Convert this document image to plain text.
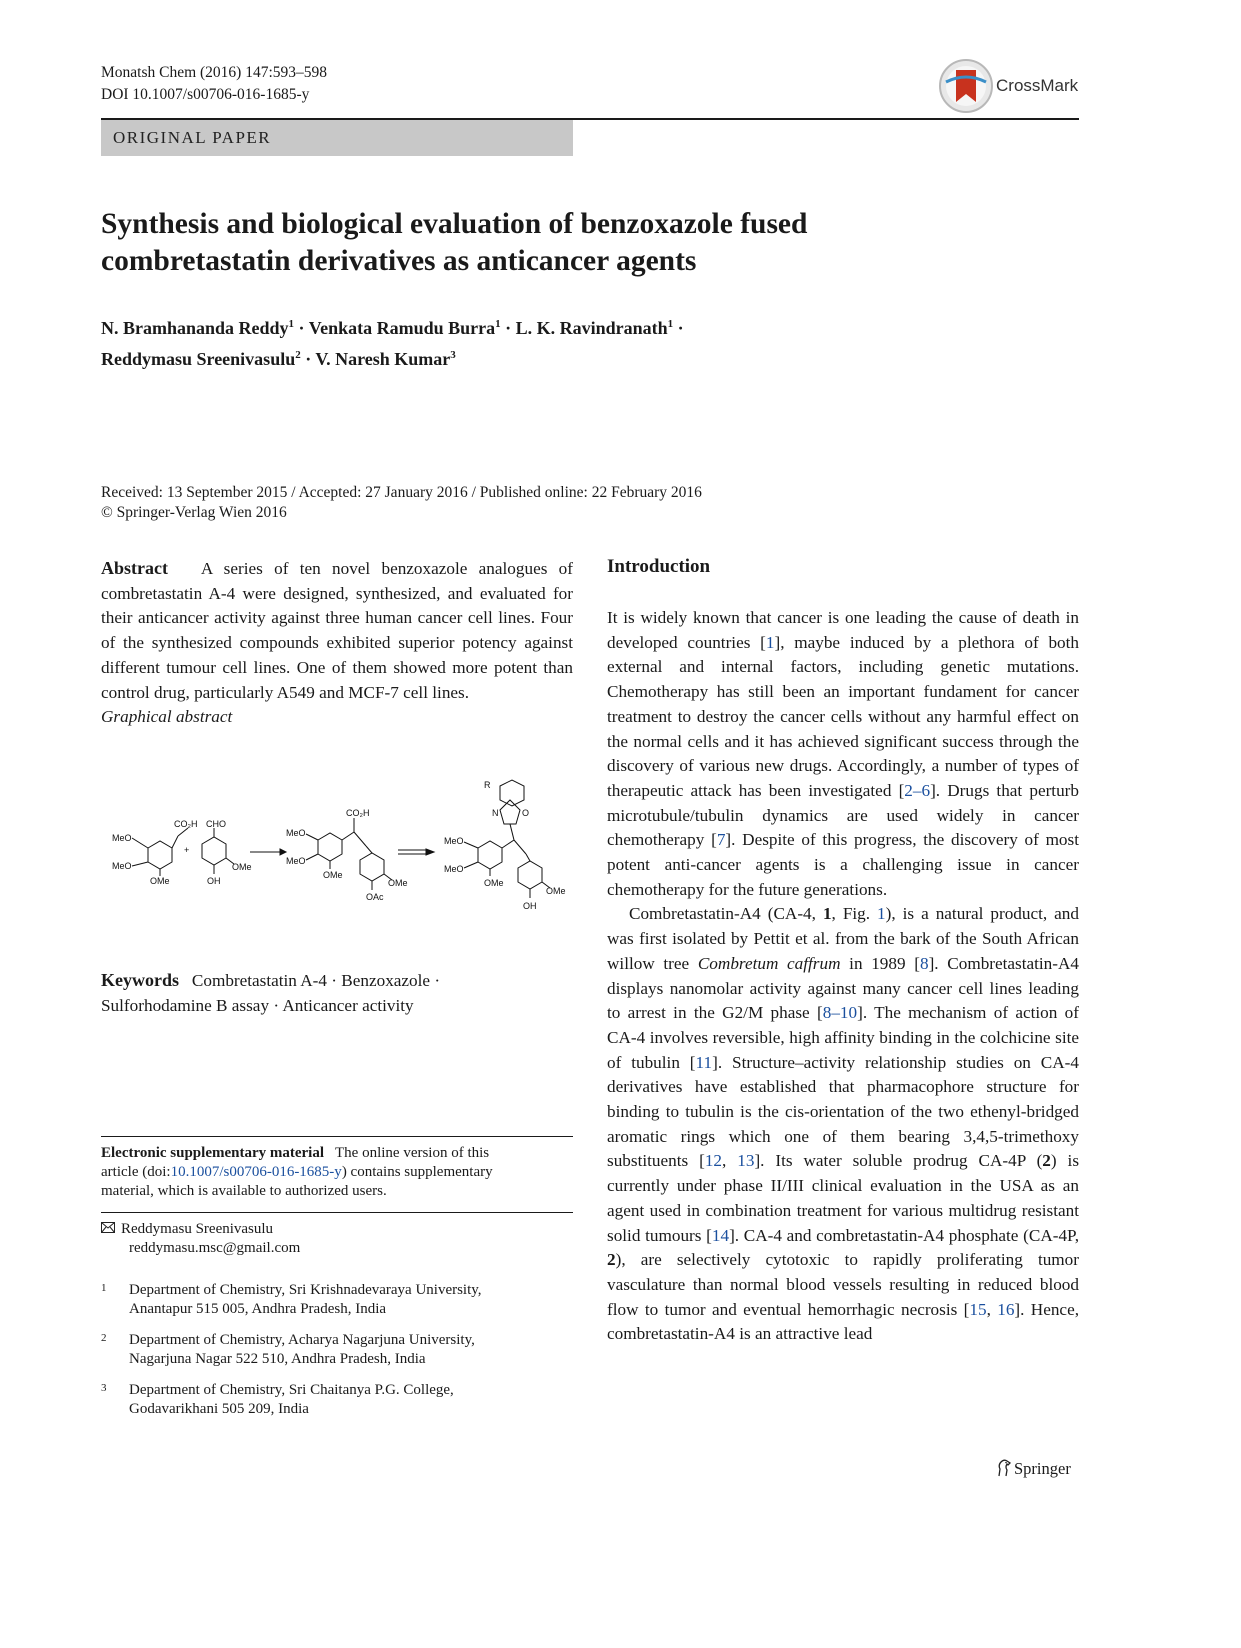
Monatsh Chem (2016) 147:593–598
DOI 10.1007/s00706-016-1685-y	CrossMark
ORIGINAL PAPER
Synthesis and biological evaluation of benzoxazole fused
combretastatin derivatives as anticancer agents
N. Bramhananda Reddy$^1$ · Venkata Ramudu Burra$^1$ · L. K. Ravindranath$^1$ ·
Reddymasu Sreenivasulu$^2$ · V. Naresh Kumar$^3$
Received: 13 September 2015 / Accepted: 27 January 2016 / Published online: 22 February 2016
© Springer-Verlag Wien 2016
Abstract A series of ten novel benzoxazole analogues of combretastatin A-4 were designed, synthesized, and evaluated for their anticancer activity against three human cancer cell lines. Four of the synthesized compounds exhibited superior potency against different tumour cell lines. One of them showed more potent than control drug, particularly A549 and MCF-7 cell lines.
Graphical abstract
CO₂H
MeO
MeO
OMe
+
CHO
OMe
OH
MeO
MeO
OMe
CO₂H
OMe
OAc
MeO
MeO
OMe
N	O
R
OMe
OH
Keywords Combretastatin A-4 · Benzoxazole ·
Sulforhodamine B assay · Anticancer activity
Electronic supplementary material The online version of this
article (doi:10.1007/s00706-016-1685-y) contains supplementary
material, which is available to authorized users.
Reddymasu Sreenivasulu
reddymasu.msc@gmail.com
1	Department of Chemistry, Sri Krishnadevaraya University,
Anantapur 515 005, Andhra Pradesh, India
2	Department of Chemistry, Acharya Nagarjuna University,
Nagarjuna Nagar 522 510, Andhra Pradesh, India
3	Department of Chemistry, Sri Chaitanya P.G. College,
Godavarikhani 505 209, India
Introduction
It is widely known that cancer is one leading the cause of death in developed countries [1], maybe induced by a plethora of both external and internal factors, including genetic mutations. Chemotherapy has still been an important fundament for cancer treatment to destroy the cancer cells without any harmful effect on the normal cells and it has achieved significant success through the discovery of various new drugs. Accordingly, a number of types of therapeutic attack has been investigated [2–6]. Drugs that perturb microtubule/tubulin dynamics are used widely in cancer chemotherapy [7]. Despite of this progress, the discovery of most potent anti-cancer agents is a challenging issue in cancer chemotherapy for the future generations.
Combretastatin-A4 (CA-4, 1, Fig. 1), is a natural product, and was first isolated by Pettit et al. from the bark of the South African willow tree Combretum caffrum in 1989 [8]. Combretastatin-A4 displays nanomolar activity against many cancer cell lines leading to arrest in the G2/M phase [8–10]. The mechanism of action of CA-4 involves reversible, high affinity binding in the colchicine site of tubulin [11]. Structure–activity relationship studies on CA-4 derivatives have established that pharmacophore structure for binding to tubulin is the cis-orientation of the two ethenyl-bridged aromatic rings which one of them bearing 3,4,5-trimethoxy substituents [12, 13]. Its water soluble prodrug CA-4P (2) is currently under phase II/III clinical evaluation in the USA as an agent used in combination treatment for various multidrug resistant solid tumours [14]. CA-4 and combretastatin-A4 phosphate (CA-4P, 2), are selectively cytotoxic to rapidly proliferating tumor vasculature than normal blood vessels resulting in reduced blood flow to tumor and eventual hemorrhagic necrosis [15, 16]. Hence, combretastatin-A4 is an attractive lead
Springer
